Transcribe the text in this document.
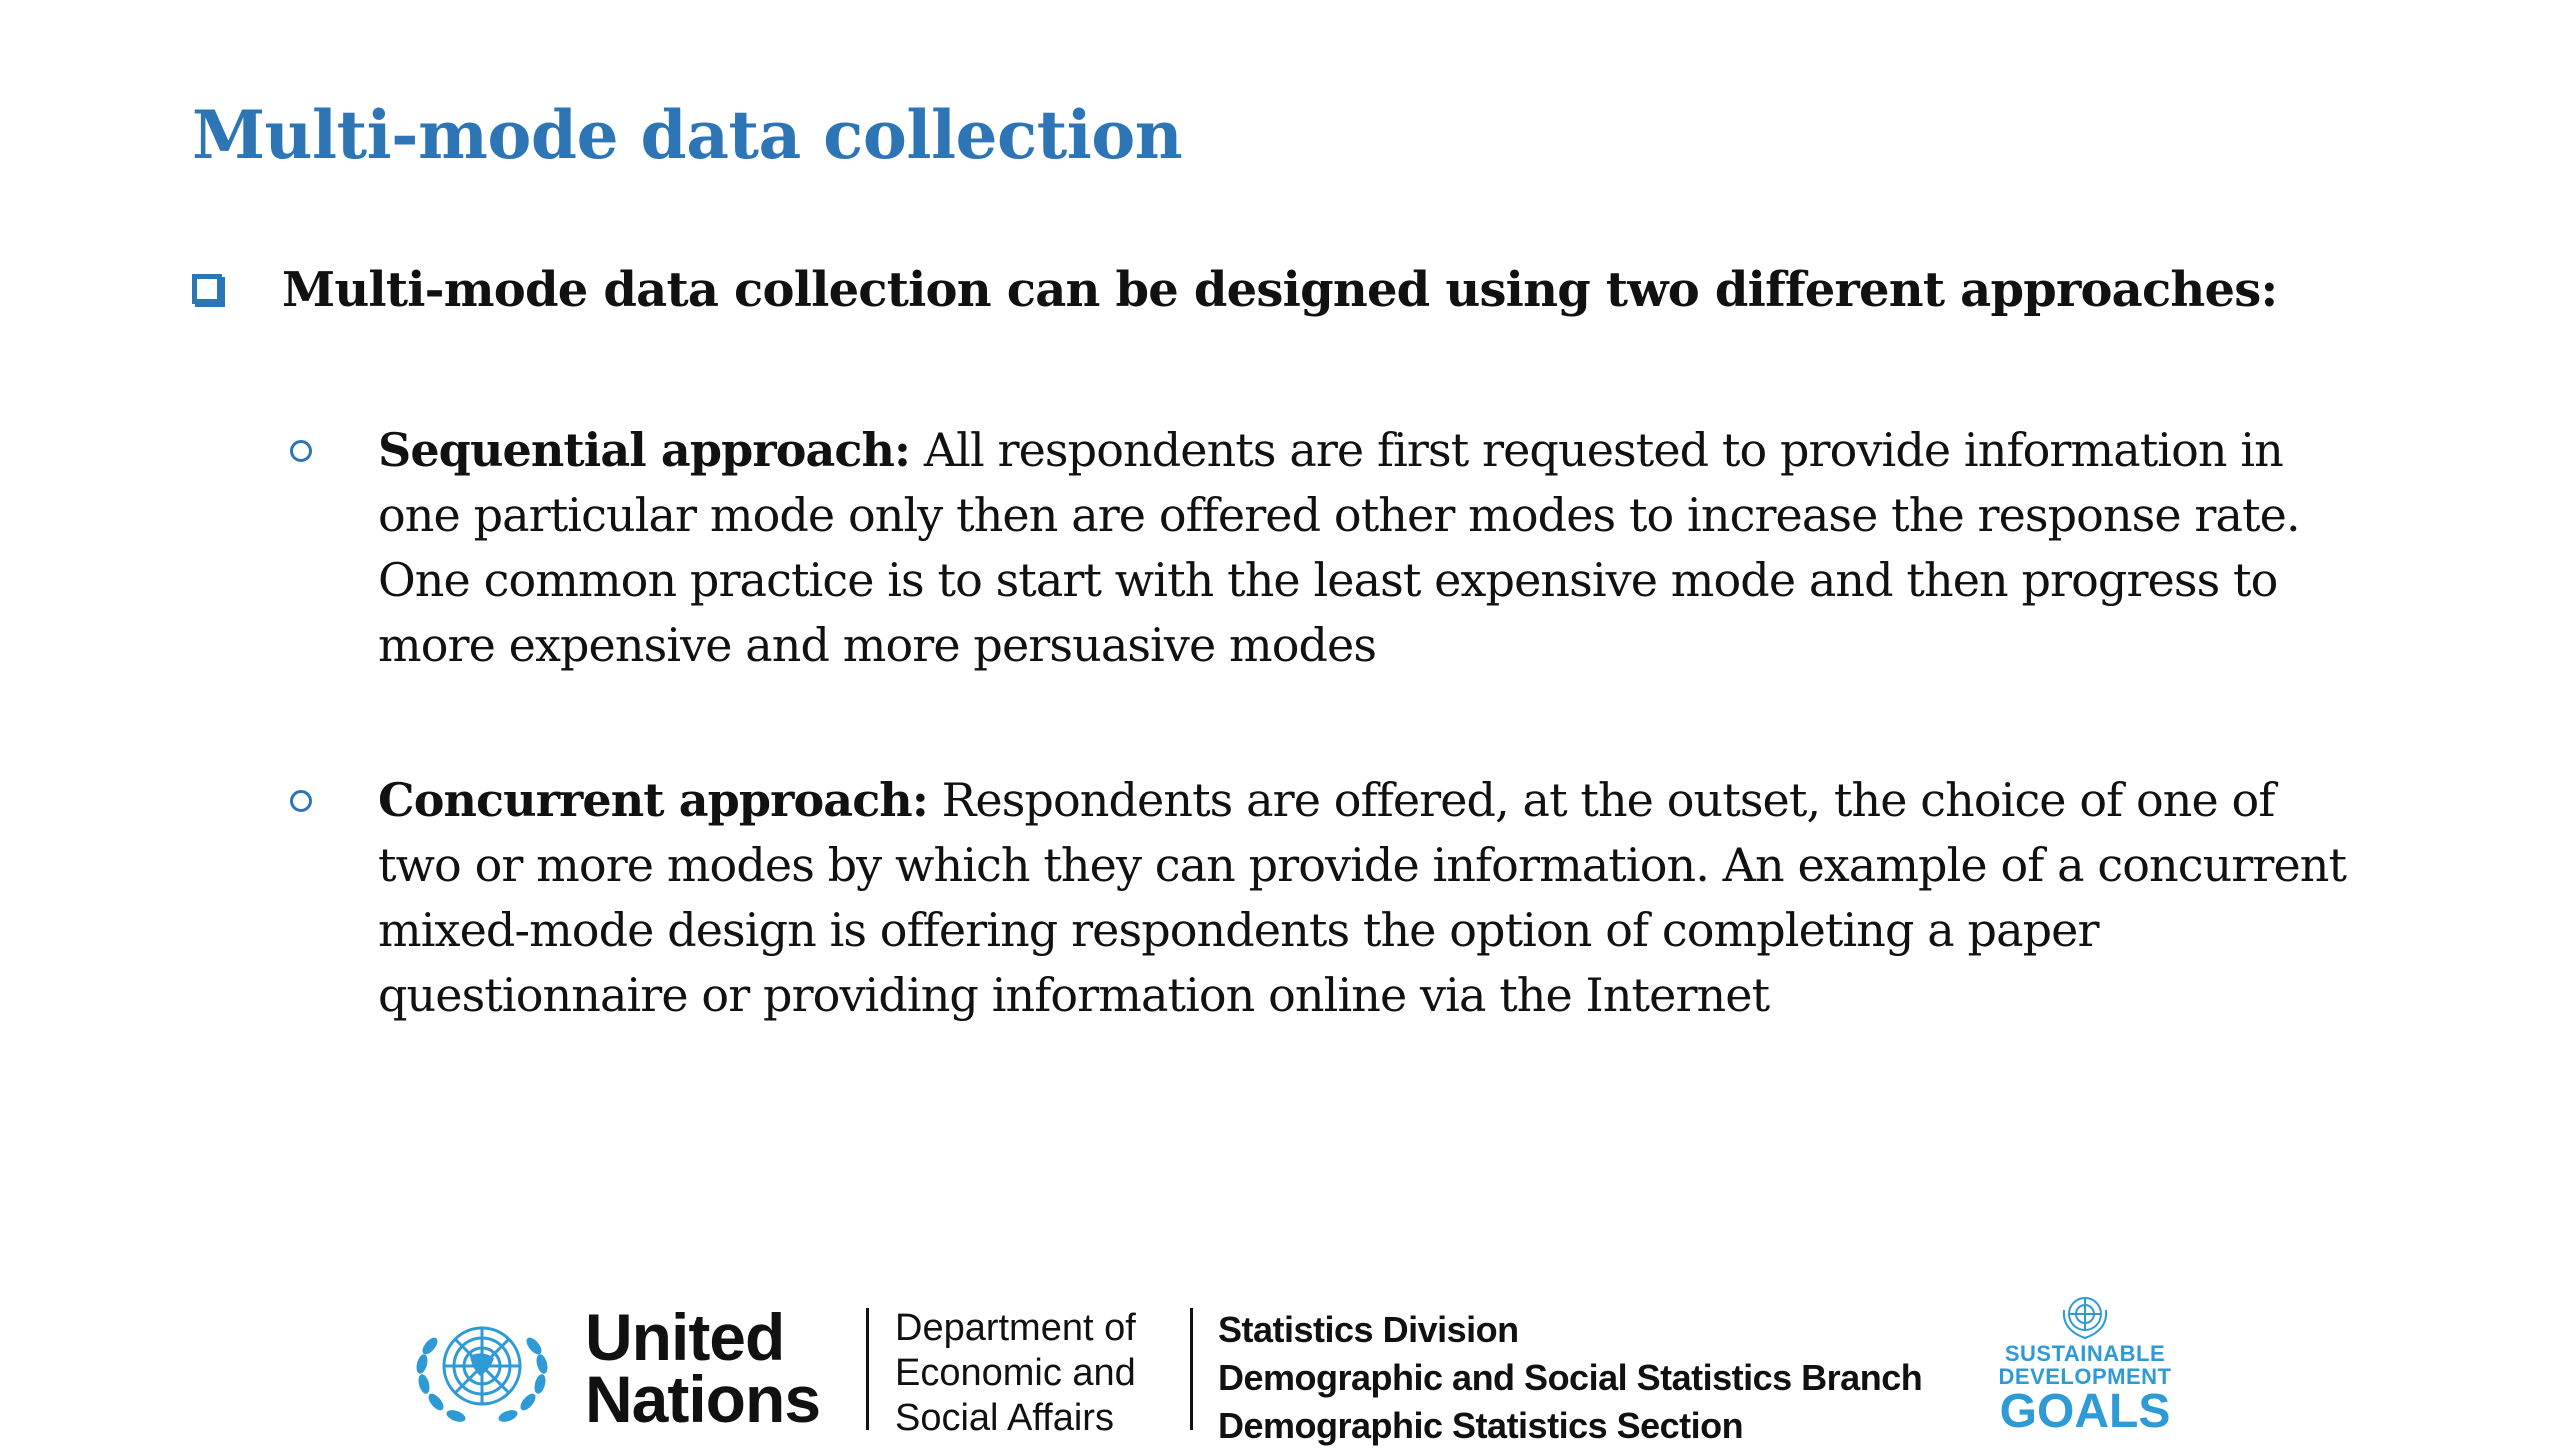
Multi-mode data collection
Multi-mode data collection can be designed using two different approaches:
Sequential approach: All respondents are first requested to provide information in one particular mode only then are offered other modes to increase the response rate. One common practice is to start with the least expensive mode and then progress to more expensive and more persuasive modes
Concurrent approach: Respondents are offered, at the outset, the choice of one of two or more modes by which they can provide information. An example of a concurrent mixed-mode design is offering respondents the option of completing a paper questionnaire or providing information online via the Internet
United
Nations
Department of
Economic and
Social Affairs
Statistics Division
Demographic and Social Statistics Branch
Demographic Statistics Section
SUSTAINABLE
DEVELOPMENT
GOALS
